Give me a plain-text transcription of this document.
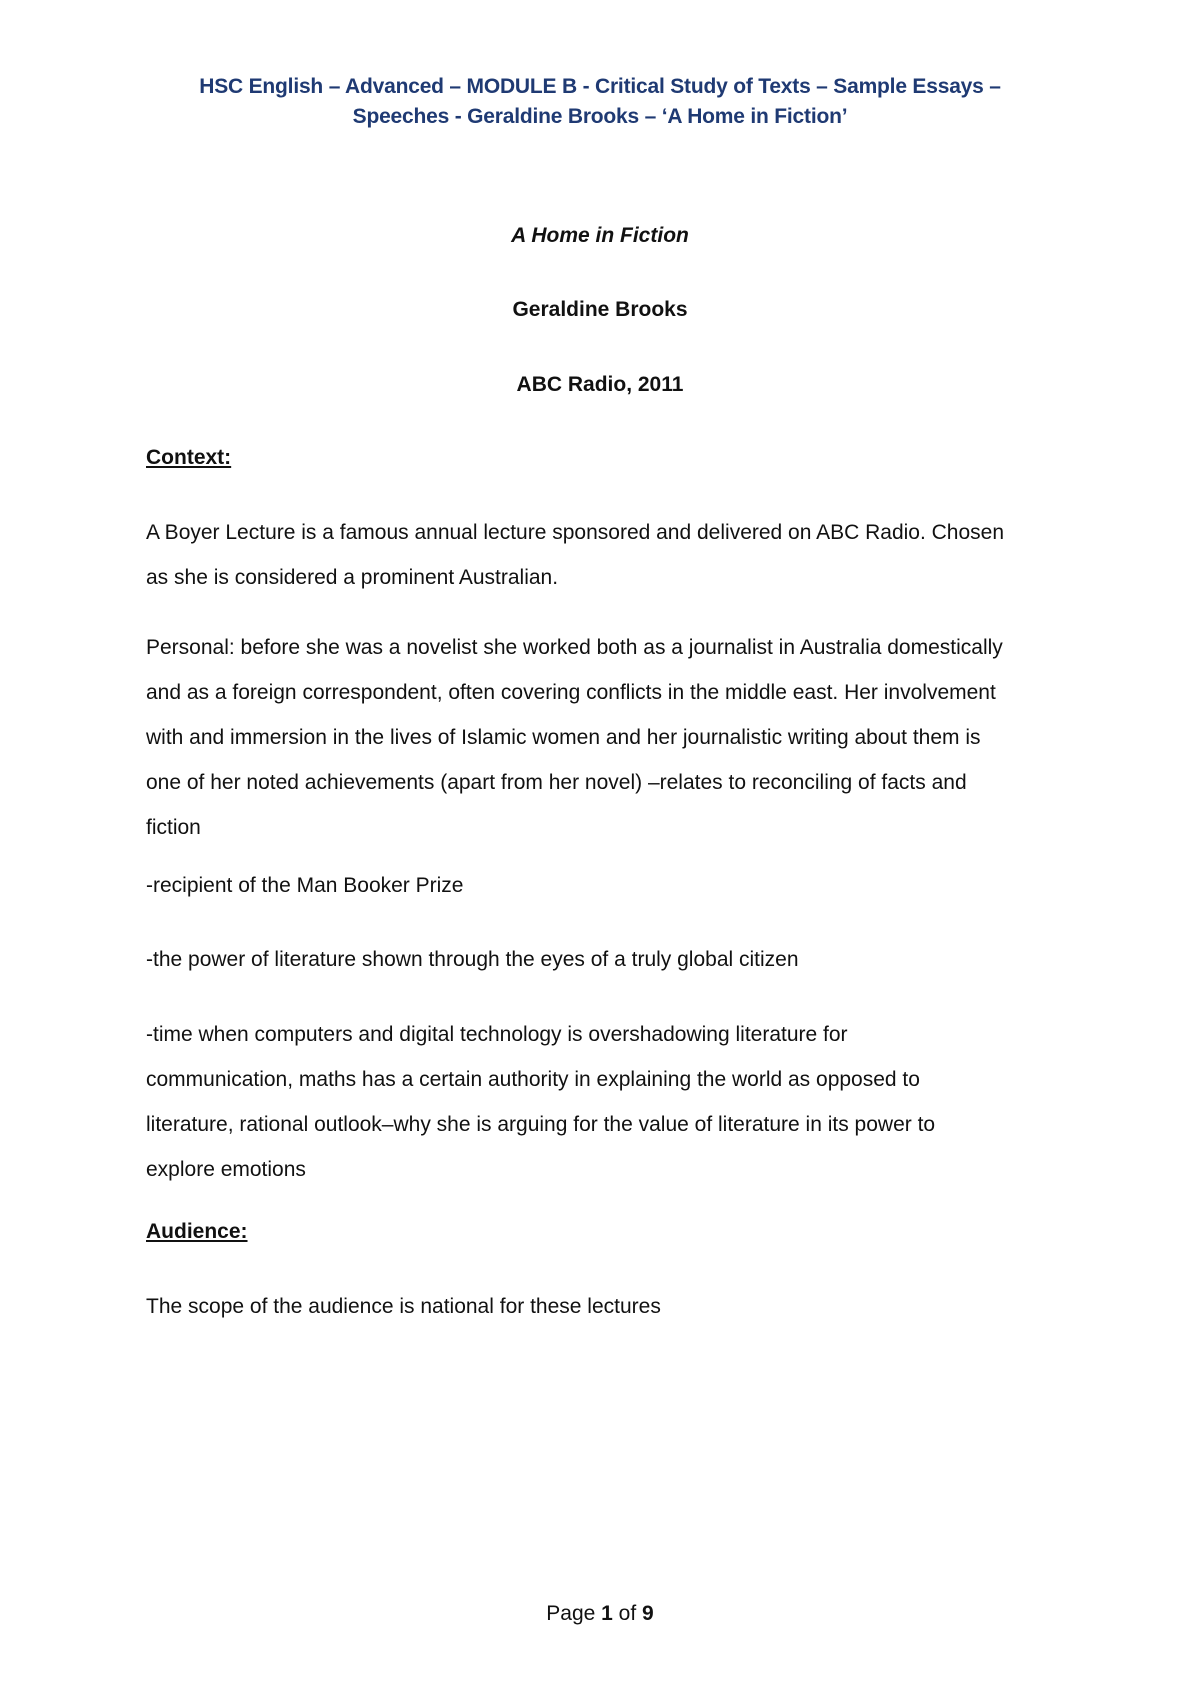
HSC English – Advanced – MODULE B - Critical Study of Texts – Sample Essays –
Speeches - Geraldine Brooks – ‘A Home in Fiction’
A Home in Fiction
Geraldine Brooks
ABC Radio, 2011
Context:
A Boyer Lecture is a famous annual lecture sponsored and delivered on ABC Radio. Chosen
as she is considered a prominent Australian.
Personal: before she was a novelist she worked both as a journalist in Australia domestically
and as a foreign correspondent, often covering conflicts in the middle east. Her involvement
with and immersion in the lives of Islamic women and her journalistic writing about them is
one of her noted achievements (apart from her novel) –relates to reconciling of facts and
fiction
-recipient of the Man Booker Prize
-the power of literature shown through the eyes of a truly global citizen
-time when computers and digital technology is overshadowing literature for
communication, maths has a certain authority in explaining the world as opposed to
literature, rational outlook–why she is arguing for the value of literature in its power to
explore emotions
Audience:
The scope of the audience is national for these lectures
Page 1 of 9
